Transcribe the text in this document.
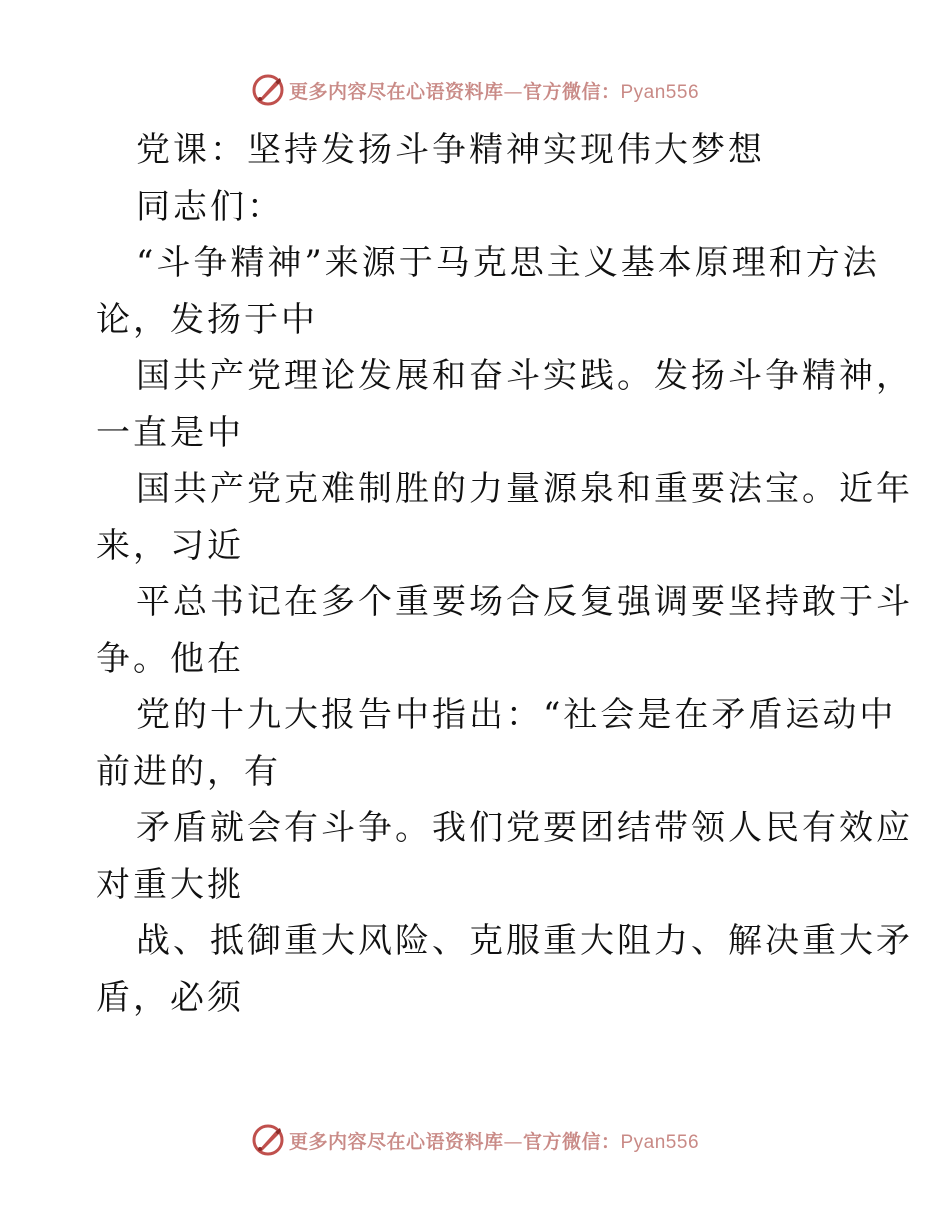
更多内容尽在心语资料库—官方微信：Pyan556
党课：坚持发扬斗争精神实现伟大梦想
同志们：
“斗争精神”来源于马克思主义基本原理和方法
论，发扬于中
国共产党理论发展和奋斗实践。发扬斗争精神，
一直是中
国共产党克难制胜的力量源泉和重要法宝。近年
来，习近
平总书记在多个重要场合反复强调要坚持敢于斗
争。他在
党的十九大报告中指出：“社会是在矛盾运动中
前进的，有
矛盾就会有斗争。我们党要团结带领人民有效应
对重大挑
战、抵御重大风险、克服重大阻力、解决重大矛
盾，必须
更多内容尽在心语资料库—官方微信：Pyan556
